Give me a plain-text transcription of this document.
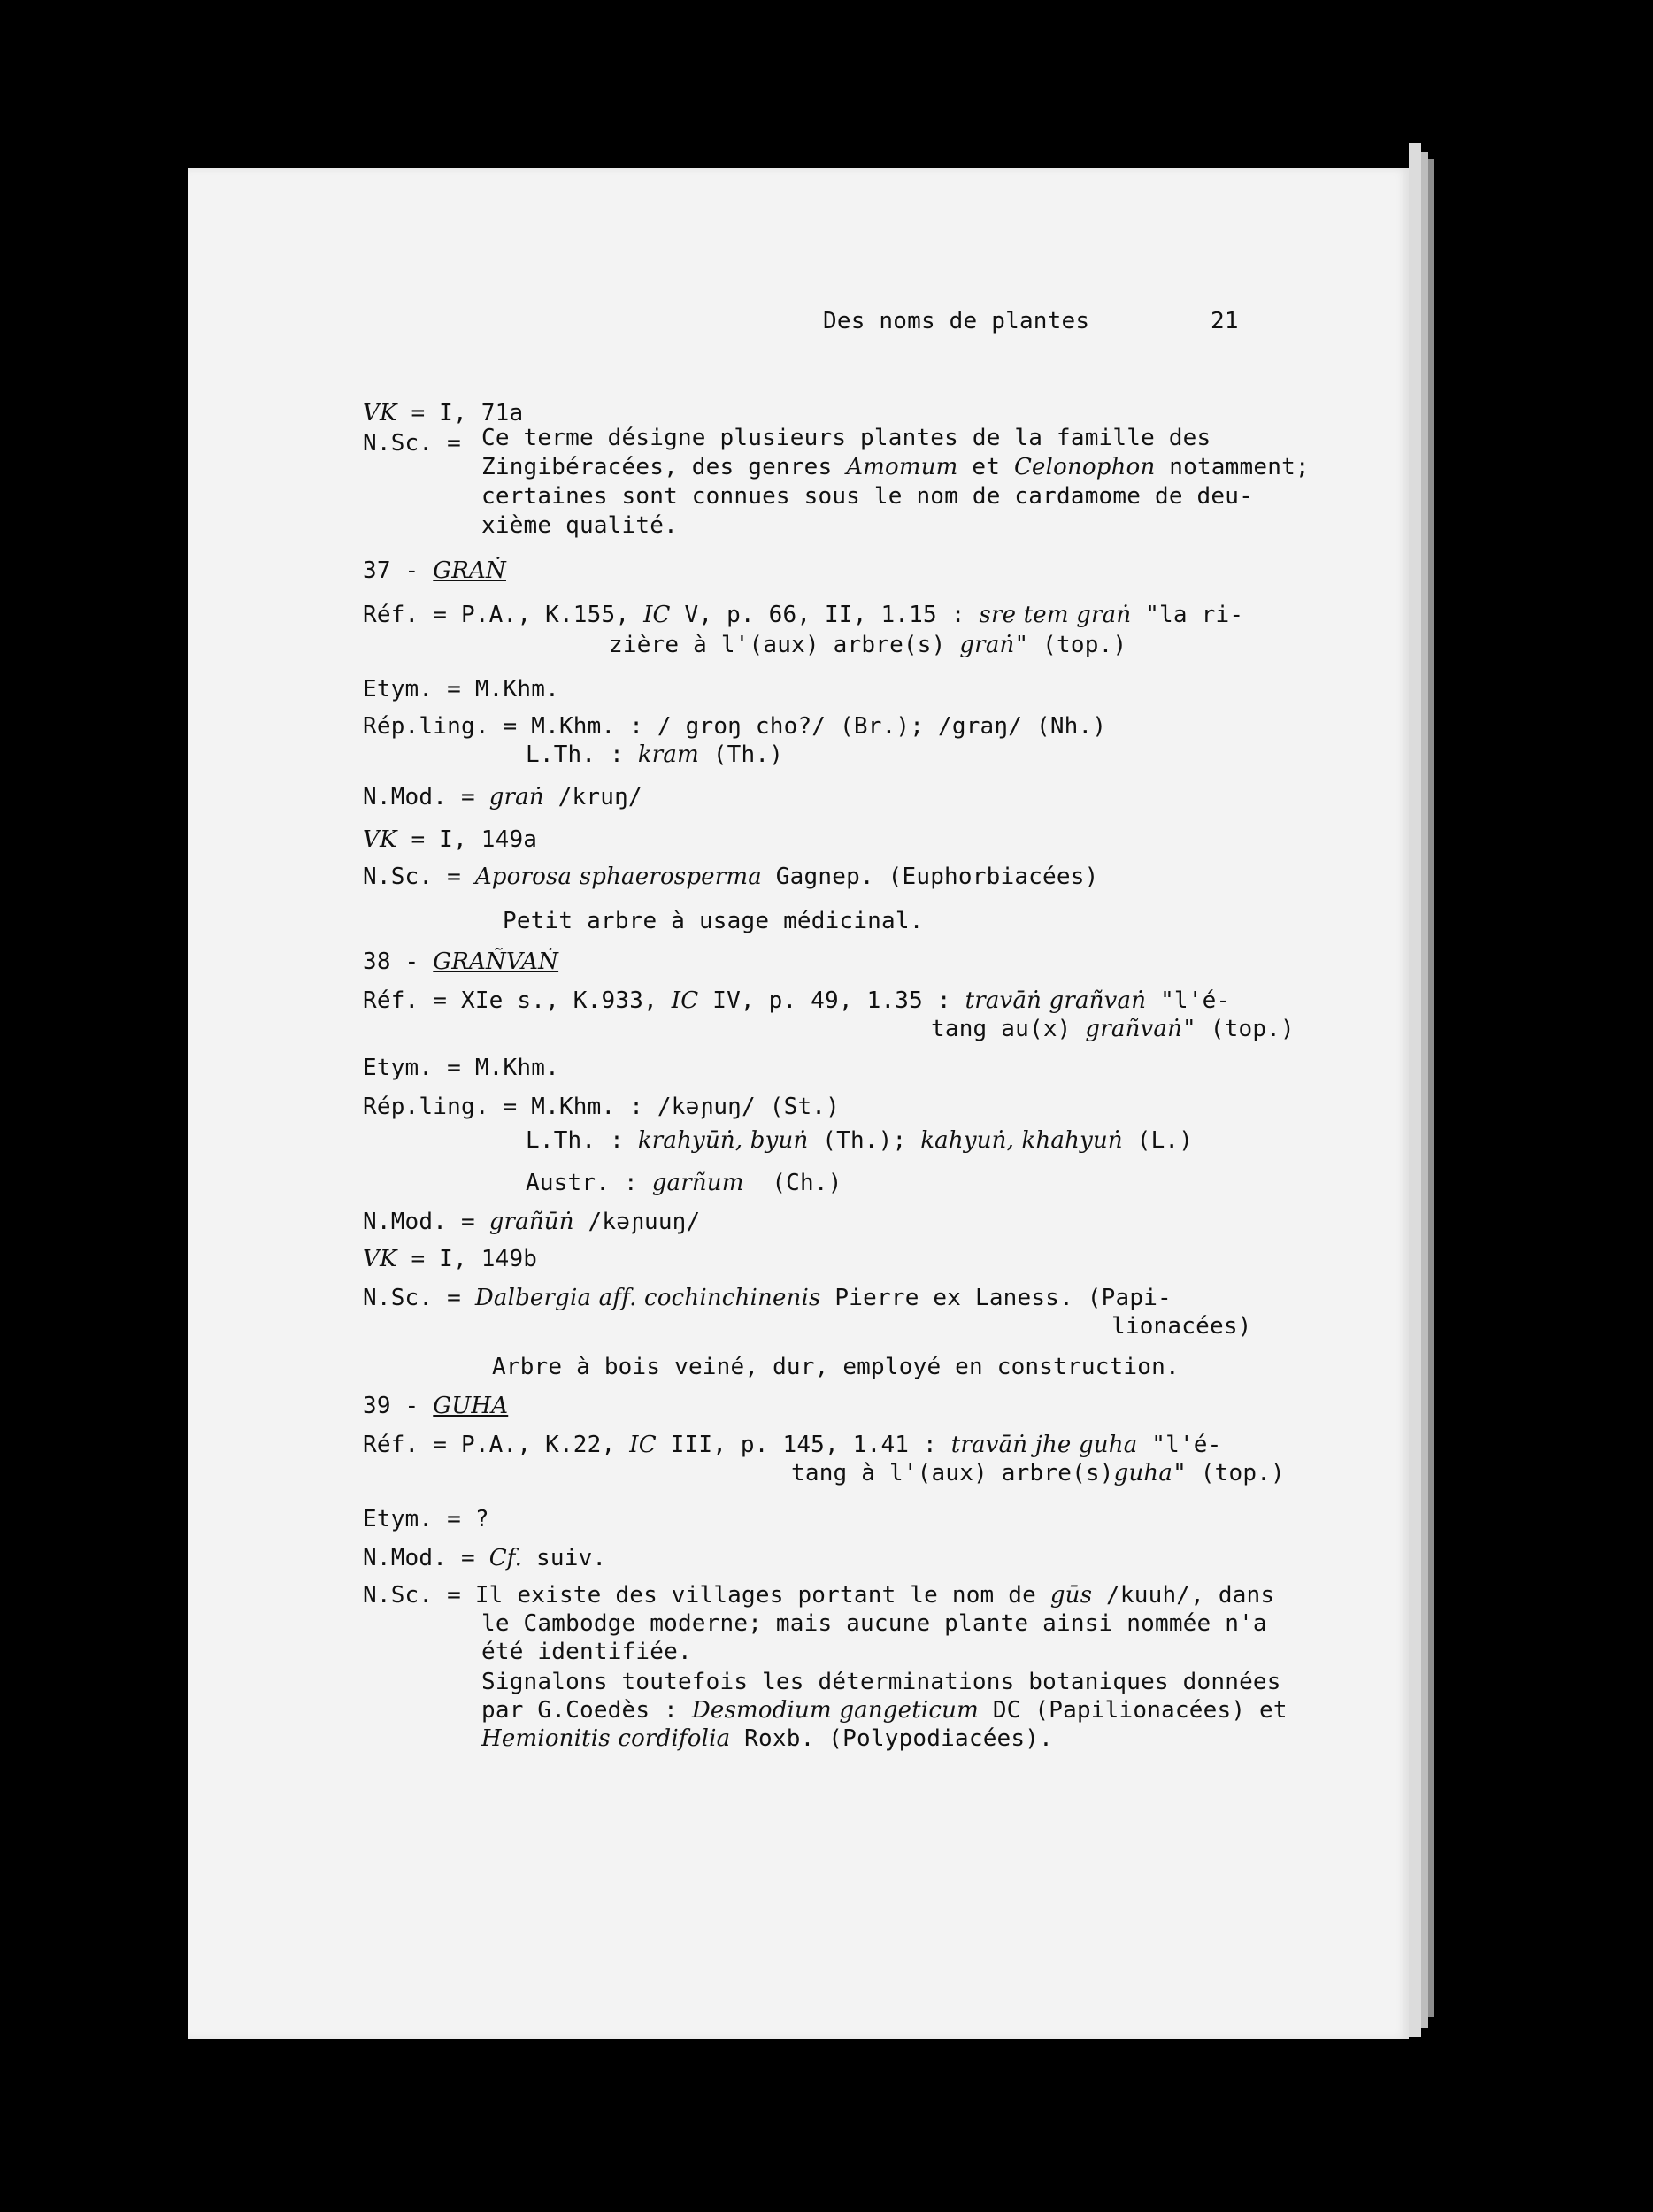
Des noms de plantes	21
VK = I, 71a
N.Sc. = Ce terme désigne plusieurs plantes de la famille des
Zingibéracées, des genres Amomum et Celonophon notamment;
certaines sont connues sous le nom de cardamome de deu-
xième qualité.
37 - GRAṄ
Réf. = P.A., K.155, IC V, p. 66, II, 1.15 : sre tem graṅ "la ri-
zière à l'(aux) arbre(s) graṅ" (top.)
Etym. = M.Khm.
Rép.ling. = M.Khm. : / groŋ cho?/ (Br.); /graŋ/ (Nh.)
L.Th. : kram (Th.)
N.Mod. = graṅ /kruŋ/
VK = I, 149a
N.Sc. = Aporosa sphaerosperma Gagnep. (Euphorbiacées)
Petit arbre à usage médicinal.
38 - GRAÑVAṄ
Réf. = XIe s., K.933, IC IV, p. 49, 1.35 : travāṅ grañvaṅ "l'é-
tang au(x) grañvaṅ" (top.)
Etym. = M.Khm.
Rép.ling. = M.Khm. : /kəɲuŋ/ (St.)
L.Th. : krahyūṅ, byuṅ (Th.); kahyuṅ, khahyuṅ (L.)
Austr. : garñum  (Ch.)
N.Mod. = grañūṅ /kəɲuuŋ/
VK = I, 149b
N.Sc. = Dalbergia aff. cochinchinenis Pierre ex Laness. (Papi-
lionacées)
Arbre à bois veiné, dur, employé en construction.
39 - GUHA
Réf. = P.A., K.22, IC III, p. 145, 1.41 : travāṅ jhe guha "l'é-
tang à l'(aux) arbre(s)guha" (top.)
Etym. = ?
N.Mod. = Cf. suiv.
N.Sc. = Il existe des villages portant le nom de gūs /kuuh/, dans
le Cambodge moderne; mais aucune plante ainsi nommée n'a
été identifiée.
Signalons toutefois les déterminations botaniques données
par G.Coedès : Desmodium gangeticum DC (Papilionacées) et
Hemionitis cordifolia Roxb. (Polypodiacées).
